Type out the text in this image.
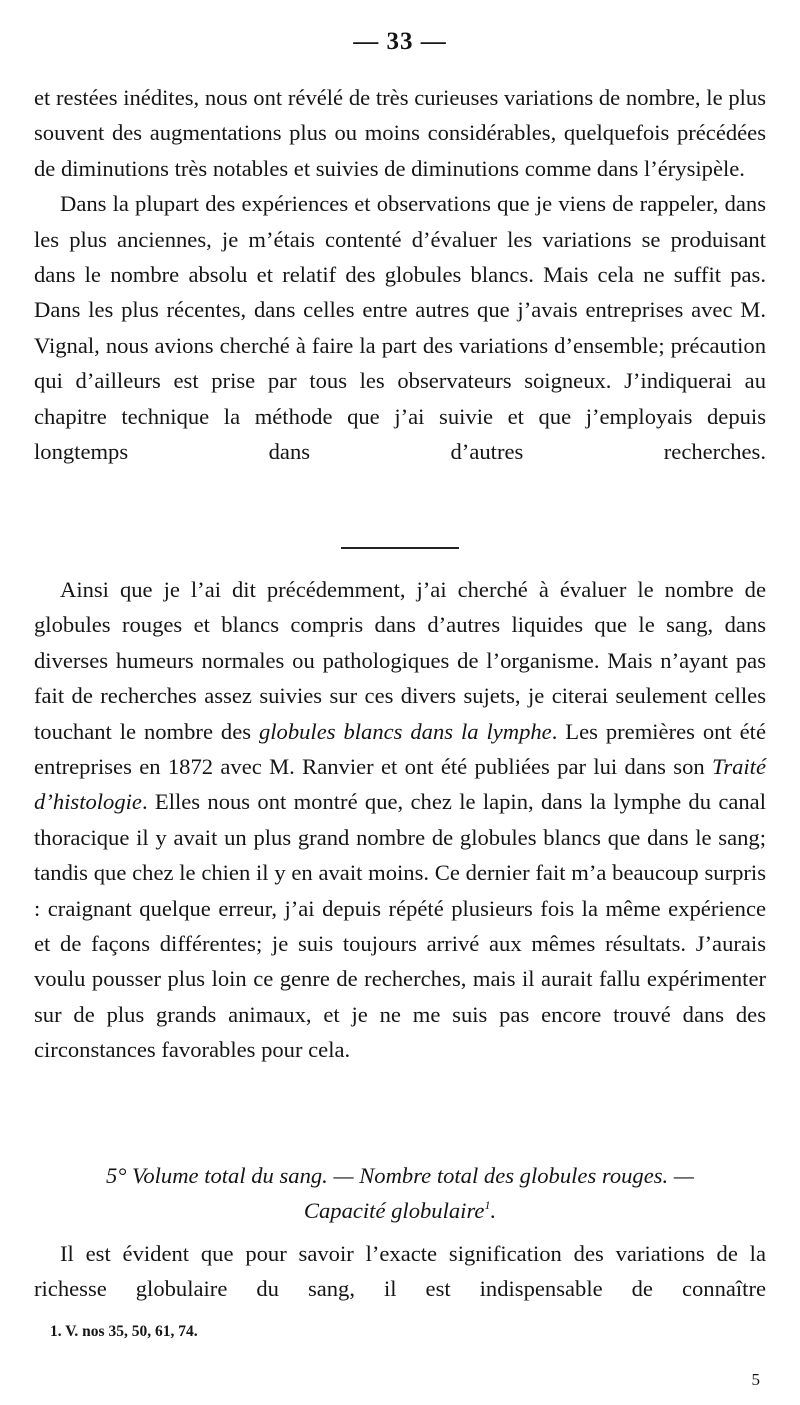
— 33 —

et restées inédites, nous ont révélé de très curieuses variations de nombre, le plus souvent des augmentations plus ou moins considérables, quelquefois précédées de diminutions très notables et suivies de diminutions comme dans l’érysipèle.

Dans la plupart des expériences et observations que je viens de rappeler, dans les plus anciennes, je m’étais contenté d’évaluer les variations se produisant dans le nombre absolu et relatif des globules blancs. Mais cela ne suffit pas. Dans les plus récentes, dans celles entre autres que j’avais entreprises avec M. Vignal, nous avions cherché à faire la part des variations d’ensemble; précaution qui d’ailleurs est prise par tous les observateurs soigneux. J’indiquerai au chapitre technique la méthode que j’ai suivie et que j’employais depuis longtemps dans d’autres recherches.

Ainsi que je l’ai dit précédemment, j’ai cherché à évaluer le nombre de globules rouges et blancs compris dans d’autres liquides que le sang, dans diverses humeurs normales ou pathologiques de l’organisme. Mais n’ayant pas fait de recherches assez suivies sur ces divers sujets, je citerai seulement celles touchant le nombre des globules blancs dans la lymphe. Les premières ont été entreprises en 1872 avec M. Ranvier et ont été publiées par lui dans son Traité d’histologie. Elles nous ont montré que, chez le lapin, dans la lymphe du canal thoracique il y avait un plus grand nombre de globules blancs que dans le sang; tandis que chez le chien il y en avait moins. Ce dernier fait m’a beaucoup surpris : craignant quelque erreur, j’ai depuis répété plusieurs fois la même expérience et de façons différentes; je suis toujours arrivé aux mêmes résultats. J’aurais voulu pousser plus loin ce genre de recherches, mais il aurait fallu expérimenter sur de plus grands animaux, et je ne me suis pas encore trouvé dans des circonstances favorables pour cela.

5° Volume total du sang. — Nombre total des globules rouges. —
Capacité globulaire$^1$.

Il est évident que pour savoir l’exacte signification des variations de la richesse globulaire du sang, il est indispensable de connaître

1. V. nos 35, 50, 61, 74.
5
